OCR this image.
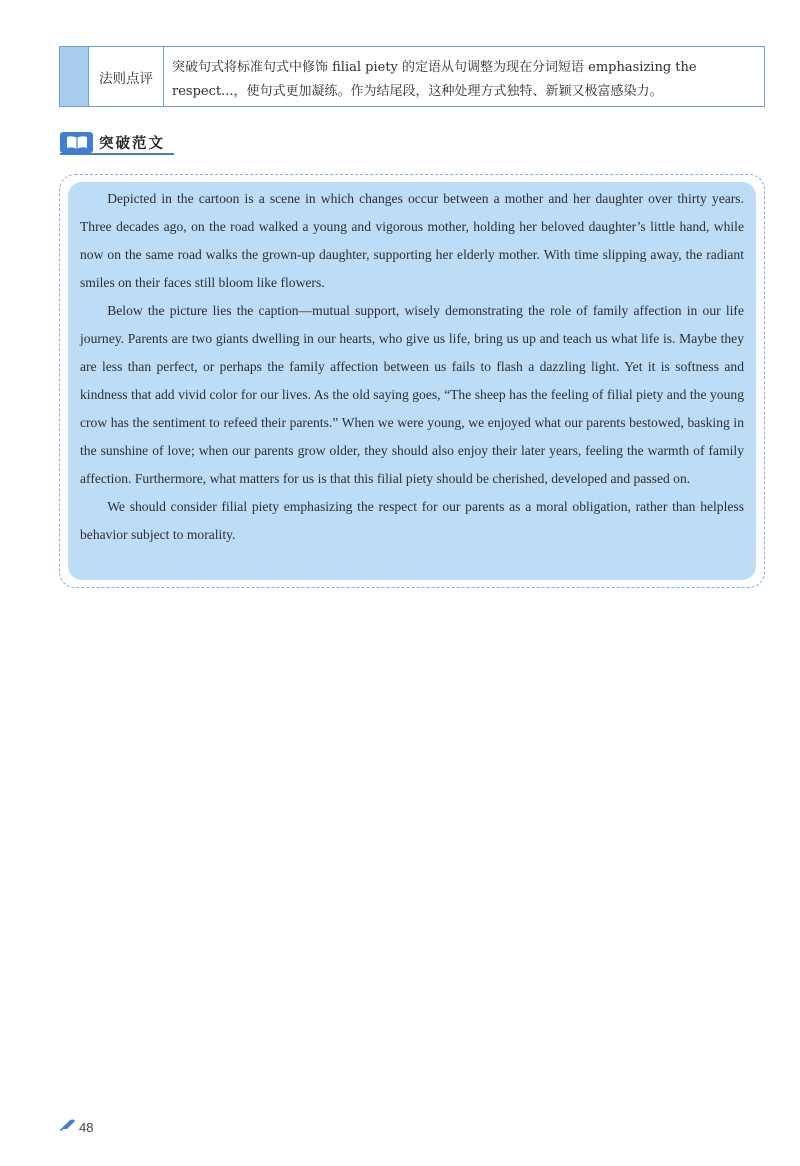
法则点评
突破句式将标准句式中修饰 filial piety 的定语从句调整为现在分词短语 emphasizing the respect...，使句式更加凝练。作为结尾段，这种处理方式独特、新颖又极富感染力。
突破范文

Depicted in the cartoon is a scene in which changes occur between a mother and her daughter over thirty years. Three decades ago, on the road walked a young and vigorous mother, holding her beloved daughter’s little hand, while now on the same road walks the grown-up daughter, supporting her elderly mother. With time slipping away, the radiant smiles on their faces still bloom like flowers.

Below the picture lies the caption—mutual support, wisely demonstrating the role of family affection in our life journey. Parents are two giants dwelling in our hearts, who give us life, bring us up and teach us what life is. Maybe they are less than perfect, or perhaps the family affection between us fails to flash a dazzling light. Yet it is softness and kindness that add vivid color for our lives. As the old saying goes, “The sheep has the feeling of filial piety and the young crow has the sentiment to refeed their parents.” When we were young, we enjoyed what our parents bestowed, basking in the sunshine of love; when our parents grow older, they should also enjoy their later years, feeling the warmth of family affection. Furthermore, what matters for us is that this filial piety should be cherished, developed and passed on.

We should consider filial piety emphasizing the respect for our parents as a moral obligation, rather than helpless behavior subject to morality.

48
